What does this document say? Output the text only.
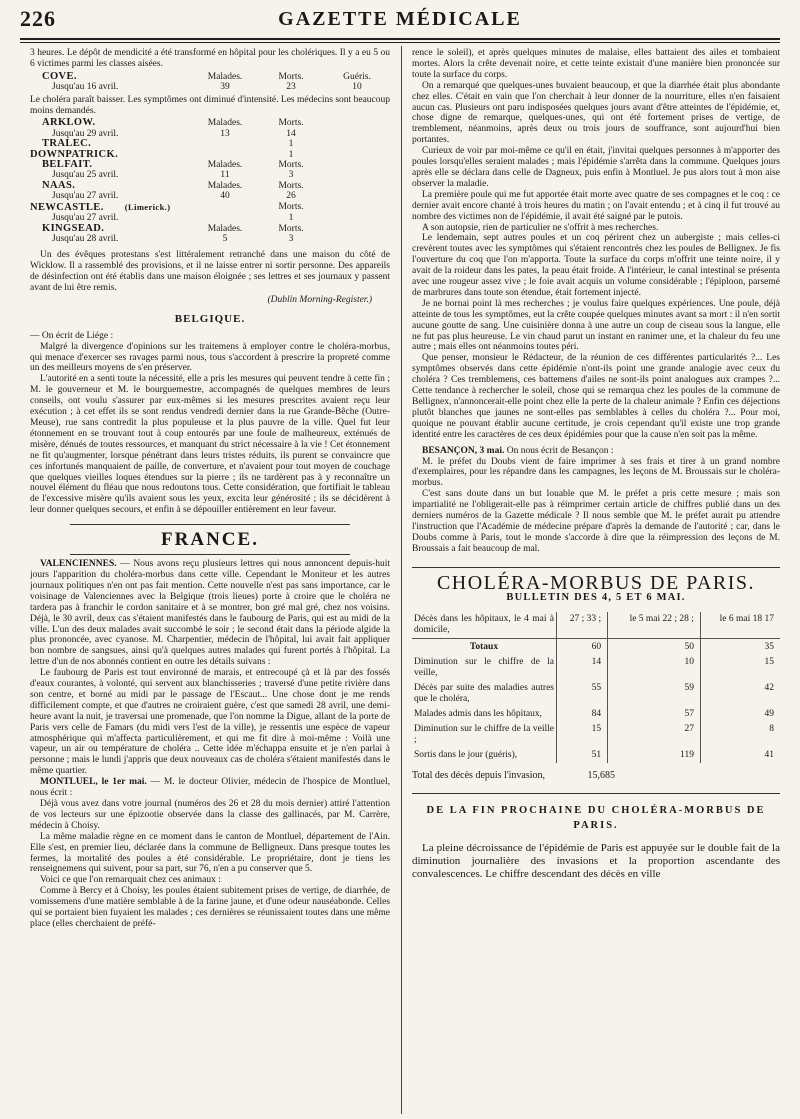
226	GAZETTE MÉDICALE

3 heures. Le dépôt de mendicité a été transformé en hôpital pour les cholériques. Il y a eu 5 ou 6 victimes parmi les classes aisées.

COVE.	Malades.	Morts.	Guéris.
Jusqu'au 16 avril.	39	23	10

Le choléra paraît baisser. Les symptômes ont diminué d'intensité. Les médecins sont beaucoup moins demandés.

ARKLOW.	Malades.	Morts.	
Jusqu'au 29 avril.	13	14	
TRALEC.		1	
DOWNPATRICK.		1	
BELFAIT.	Malades.	Morts.	
Jusqu'au 25 avril.	11	3	
NAAS.	Malades.	Morts.	
Jusqu'au 27 avril.	40	26	
NEWCASTLE. (Limerick.)		Morts.	
Jusqu'au 27 avril.		1	
KINGSEAD.	Malades.	Morts.	
Jusqu'au 28 avril.	5	3	

Un des évêques protestans s'est littéralement retranché dans une maison du côté de Wicklow. Il a rassemblé des provisions, et il ne laisse entrer ni sortir personne. Des appareils de désinfection ont été établis dans une maison éloignée ; ses lettres et ses journaux y passent avant de lui être remis.

(Dublin Morning-Register.)
BELGIQUE.

— On écrit de Liége :

Malgré la divergence d'opinions sur les traitemens à employer contre le choléra-morbus, qui menace d'exercer ses ravages parmi nous, tous s'accordent à prescrire la propreté comme un des meilleurs moyens de s'en préserver.

L'autorité en a senti toute la nécessité, elle a pris les mesures qui peuvent tendre à cette fin ; M. le gouverneur et M. le bourguemestre, accompagnés de quelques membres de leurs conseils, ont voulu s'assurer par eux-mêmes si les mesures prescrites avaient reçu leur exécution ; à cet effet ils se sont rendus vendredi dernier dans la rue Grande-Bêche (Outre-Meuse), rue sans contredit la plus populeuse et la plus pauvre de la ville. Quel fut leur étonnement en se trouvant tout à coup entourés par une foule de malheureux, exténués de misère, dénués de toutes ressources, et manquant du strict nécessaire à la vie ! Cet étonnement ne fit qu'augmenter, lorsque pénétrant dans leurs tristes réduits, ils purent se convaincre que ces infortunés manquaient de paille, de converture, et n'avaient pour tout moyen de couchage que quelques vieilles loques étendues sur la pierre ; ils ne tardèrent pas à y reconnaître un nouvel élément du fléau que nous redoutons tous. Cette considération, que fortifiait le tableau de l'excessive misère qu'ils avaient sous les yeux, excita leur générosité ; ils se décidèrent à leur donner quelques secours, et enfin à se dépouiller entièrement en leur faveur.

FRANCE.

VALENCIENNES. — Nous avons reçu plusieurs lettres qui nous annoncent depuis-huit jours l'apparition du choléra-morbus dans cette ville. Cependant le Moniteur et les autres journaux politiques n'en ont pas fait mention. Cette nouvelle n'est pas sans importance, car le voisinage de Valenciennes avec la Belgique (trois lieues) porte à croire que le choléra ne tardera pas à franchir le cordon sanitaire et à se montrer, bon gré mal gré, chez nos voisins. Déjà, le 30 avril, deux cas s'étaient manifestés dans le faubourg de Paris, qui est au midi de la ville. L'un des deux malades avait succombé le soir ; le second était dans la période algide la plus prononcée, avec cyanose. M. Charpentier, médecin de l'hôpital, lui avait fait appliquer bon nombre de sangsues, ainsi qu'à quelques autres malades qui furent portés à l'hôpital. La lettre d'un de nos abonnés contient en outre les détails suivans :

Le faubourg de Paris est tout environné de marais, et entrecoupé çà et là par des fossés d'eaux courantes, à volonté, qui servent aux blanchisseries ; traversé d'une petite rivière dans son centre, et borné au midi par le passage de l'Escaut... Une chose dont je me rends difficilement compte, et que d'autres ne croiraient guère, c'est que samedi 28 avril, une demi-heure avant la nuit, je traversai une promenade, que l'on nomme la Digue, allant de la porte de Paris vers celle de Famars (du midi vers l'est de la ville), je ressentis une espèce de vapeur atmosphérique qui m'affecta particulièrement, et qui me fit dire à moi-même : Voilà une vapeur, un air ou température de choléra .. Cette idée m'échappa ensuite et je n'en parlai à personne ; mais le lundi j'appris que deux nouveaux cas de choléra s'étaient manifestés dans le même quartier.

MONTLUEL, le 1er mai. — M. le docteur Olivier, médecin de l'hospice de Montluel, nous écrit :

Déjà vous avez dans votre journal (numéros des 26 et 28 du mois dernier) attiré l'attention de vos lecteurs sur une épizootie observée dans la classe des gallinacés, par M. Carrère, médecin à Choisy.

La même maladie règne en ce moment dans le canton de Montluel, département de l'Ain. Elle s'est, en premier lieu, déclarée dans la commune de Belligneux. Dans presque toutes les fermes, la mortalité des poules a été considérable. Le propriétaire, dont je tiens les renseignemens qui suivent, pour sa part, sur 76, n'en a pu conserver que 5.

Voici ce que l'on remarquait chez ces animaux :

Comme à Bercy et à Choisy, les poules étaient subitement prises de vertige, de diarrhée, de vomissemens d'une matière semblable à de la farine jaune, et d'une odeur nauséabonde. Celles qui se portaient bien fuyaient les malades ; ces dernières se réunissaient toutes dans une même place (elles cherchaient de préfé-

rence le soleil), et après quelques minutes de malaise, elles battaient des ailes et tombaient mortes. Alors la crête devenait noire, et cette teinte existait d'une manière bien prononcée sur toute la surface du corps.

On a remarqué que quelques-unes buvaient beaucoup, et que la diarrhée était plus abondante chez elles. C'était en vain que l'on cherchait à leur donner de la nourriture, elles n'en faisaient aucun cas. Plusieurs ont paru indisposées quelques jours avant d'être atteintes de l'épidémie, et, chose digne de remarque, quelques-unes, qui ont été fortement prises de vertige, de tremblement, néanmoins, après deux ou trois jours de souffrance, sont aujourd'hui bien portantes.

Curieux de voir par moi-même ce qu'il en était, j'invitai quelques personnes à m'apporter des poules lorsqu'elles seraient malades ; mais l'épidémie s'arrêta dans la commune. Quelques jours après elle se déclara dans celle de Dagneux, puis enfin à Montluel. Je pus alors tout à mon aise observer la maladie.

La première poule qui me fut apportée était morte avec quatre de ses compagnes et le coq : ce dernier avait encore chanté à trois heures du matin ; on l'avait entendu ; et à cinq il fut trouvé au nombre des victimes non de l'épidémie, il avait été saigné par le putois.

A son autopsie, rien de particulier ne s'offrit à mes recherches.

Le lendemain, sept autres poules et un coq périrent chez un aubergiste ; mais celles-ci crevèrent toutes avec les symptômes qui s'étaient rencontrés chez les poules de Bellignex. Je fis l'ouverture du coq que l'on m'apporta. Toute la surface du corps m'offrit une teinte noire, il y avait de la roideur dans les pates, la peau était froide. A l'intérieur, le canal intestinal se présenta avec une rougeur assez vive ; le foie avait acquis un volume considérable ; l'épiploon, parsemé de marbrures dans toute son étendue, était fortement injecté.

Je ne bornai point là mes recherches ; je voulus faire quelques expériences. Une poule, déjà atteinte de tous les symptômes, eut la crête coupée quelques minutes avant sa mort : il n'en sortit aucune goutte de sang. Une cuisinière donna à une autre un coup de ciseau sous la langue, elle ne fut pas plus heureuse. Le vin chaud parut un instant en ranimer une, et la chaleur du feu une autre ; mais elles ont néanmoins toutes péri.

Que penser, monsieur le Rédacteur, de la réunion de ces différentes particularités ?... Les symptômes observés dans cette épidémie n'ont-ils point une grande analogie avec ceux du choléra ? Ces tremblemens, ces battemens d'ailes ne sont-ils point analogues aux crampes ?... Cette tendance à rechercher le soleil, chose qui se remarqua chez les poules de la commune de Bellignex, n'annoncerait-elle point chez elle la perte de la chaleur animale ? Enfin ces déjections plutôt blanches que jaunes ne sont-elles pas semblables à celles du choléra ?... Pour moi, quoique ne pouvant établir aucune certitude, je crois cependant qu'il existe une trop grande identité entre les caractères de ces deux épidémies pour que la cause n'en soit pas la même.

BESANÇON, 3 mai. On nous écrit de Besançon :

M. le préfet du Doubs vient de faire imprimer à ses frais et tirer à un grand nombre d'exemplaires, pour les répandre dans les campagnes, les leçons de M. Broussais sur le choléra-morbus.

C'est sans doute dans un but louable que M. le préfet a pris cette mesure ; mais son impartialité ne l'obligerait-elle pas à réimprimer certain article de chiffres publié dans un des derniers numéros de la Gazette médicale ? Il nous semble que M. le préfet aurait pu attendre l'instruction que l'Académie de médecine prépare d'après la demande de l'autorité ; car, dans le Doubs comme à Paris, tout le monde s'accorde à dire que la réimpression des leçons de M. Broussais a fait beaucoup de mal.

CHOLÉRA-MORBUS DE PARIS.
BULLETIN DES 4, 5 ET 6 MAI.
Décès dans les hôpitaux, le 4 mai à domicile,	27 ; 33 ;	le 5 mai 22 ; 28 ;	le 6 mai 18 17
Totaux	60	50	35
Diminution sur le chiffre de la veille,	14	10	15
Décès par suite des maladies autres que le choléra,	55	59	42
Malades admis dans les hôpitaux,	84	57	49
Diminution sur le chiffre de la veille ;	15	27	8
Sortis dans le jour (guéris),	51	119	41
Total des décès depuis l'invasion,	15,685
DE LA FIN PROCHAINE DU CHOLÉRA-MORBUS DE
PARIS.

La pleine décroissance de l'épidémie de Paris est appuyée sur le double fait de la diminution journalière des invasions et la proportion ascendante des convalescences. Le chiffre descendant des décès en ville
